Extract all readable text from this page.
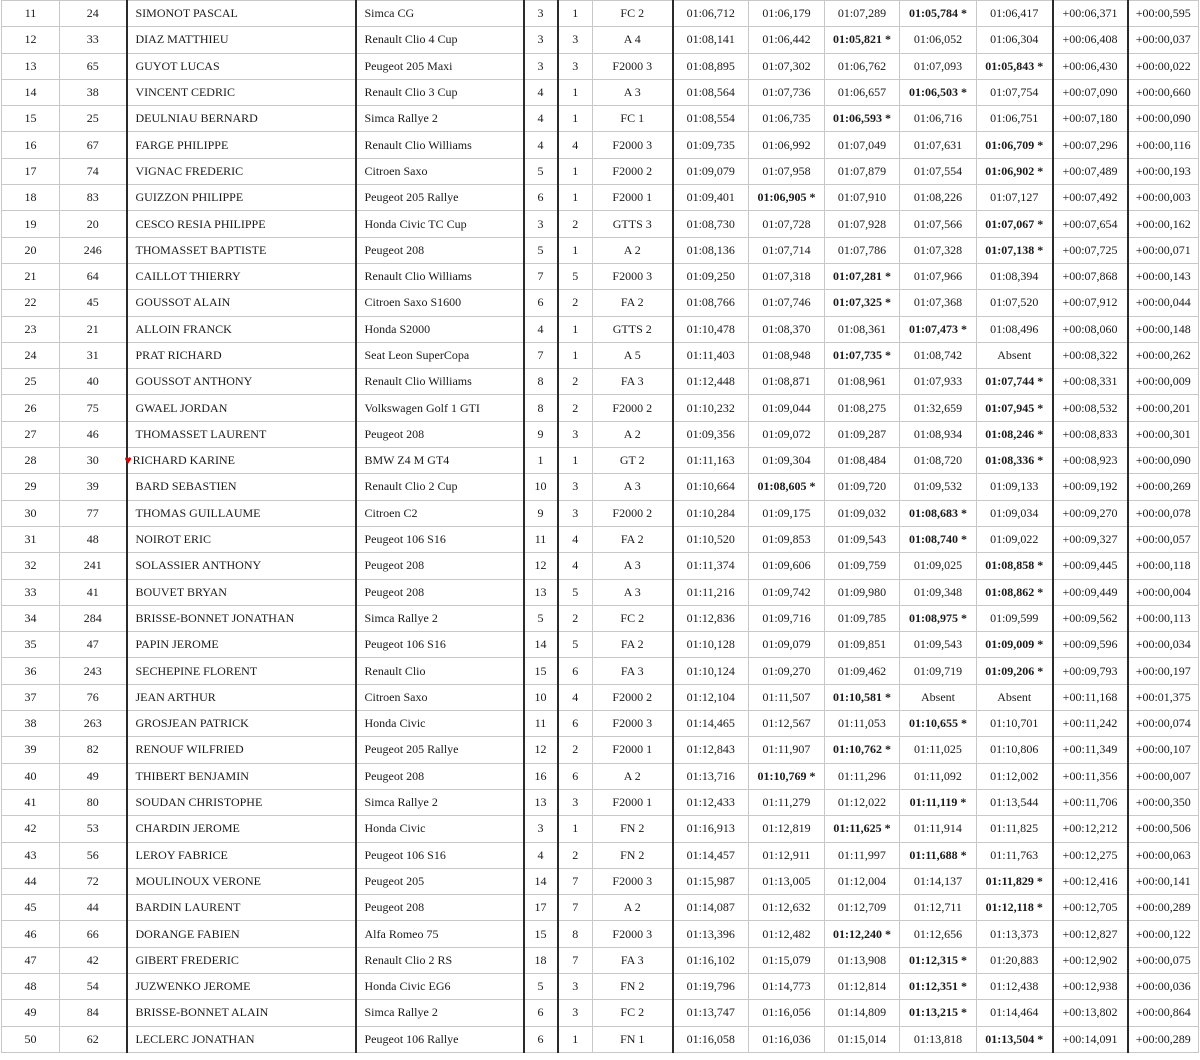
11	24	SIMONOT PASCAL	Simca CG	3	1	FC 2	01:06,712	01:06,179	01:07,289	01:05,784 *	01:06,417	+00:06,371	+00:00,595
12	33	DIAZ MATTHIEU	Renault Clio 4 Cup	3	3	A 4	01:08,141	01:06,442	01:05,821 *	01:06,052	01:06,304	+00:06,408	+00:00,037
13	65	GUYOT LUCAS	Peugeot 205 Maxi	3	3	F2000 3	01:08,895	01:07,302	01:06,762	01:07,093	01:05,843 *	+00:06,430	+00:00,022
14	38	VINCENT CEDRIC	Renault Clio 3 Cup	4	1	A 3	01:08,564	01:07,736	01:06,657	01:06,503 *	01:07,754	+00:07,090	+00:00,660
15	25	DEULNIAU BERNARD	Simca Rallye 2	4	1	FC 1	01:08,554	01:06,735	01:06,593 *	01:06,716	01:06,751	+00:07,180	+00:00,090
16	67	FARGE PHILIPPE	Renault Clio Williams	4	4	F2000 3	01:09,735	01:06,992	01:07,049	01:07,631	01:06,709 *	+00:07,296	+00:00,116
17	74	VIGNAC FREDERIC	Citroen Saxo	5	1	F2000 2	01:09,079	01:07,958	01:07,879	01:07,554	01:06,902 *	+00:07,489	+00:00,193
18	83	GUIZZON PHILIPPE	Peugeot 205 Rallye	6	1	F2000 1	01:09,401	01:06,905 *	01:07,910	01:08,226	01:07,127	+00:07,492	+00:00,003
19	20	CESCO RESIA PHILIPPE	Honda Civic TC Cup	3	2	GTTS 3	01:08,730	01:07,728	01:07,928	01:07,566	01:07,067 *	+00:07,654	+00:00,162
20	246	THOMASSET BAPTISTE	Peugeot 208	5	1	A 2	01:08,136	01:07,714	01:07,786	01:07,328	01:07,138 *	+00:07,725	+00:00,071
21	64	CAILLOT THIERRY	Renault Clio Williams	7	5	F2000 3	01:09,250	01:07,318	01:07,281 *	01:07,966	01:08,394	+00:07,868	+00:00,143
22	45	GOUSSOT ALAIN	Citroen Saxo S1600	6	2	FA 2	01:08,766	01:07,746	01:07,325 *	01:07,368	01:07,520	+00:07,912	+00:00,044
23	21	ALLOIN FRANCK	Honda S2000	4	1	GTTS 2	01:10,478	01:08,370	01:08,361	01:07,473 *	01:08,496	+00:08,060	+00:00,148
24	31	PRAT RICHARD	Seat Leon SuperCopa	7	1	A 5	01:11,403	01:08,948	01:07,735 *	01:08,742	Absent	+00:08,322	+00:00,262
25	40	GOUSSOT ANTHONY	Renault Clio Williams	8	2	FA 3	01:12,448	01:08,871	01:08,961	01:07,933	01:07,744 *	+00:08,331	+00:00,009
26	75	GWAEL JORDAN	Volkswagen Golf 1 GTI	8	2	F2000 2	01:10,232	01:09,044	01:08,275	01:32,659	01:07,945 *	+00:08,532	+00:00,201
27	46	THOMASSET LAURENT	Peugeot 208	9	3	A 2	01:09,356	01:09,072	01:09,287	01:08,934	01:08,246 *	+00:08,833	+00:00,301
28	30	♥RICHARD KARINE	BMW Z4 M GT4	1	1	GT 2	01:11,163	01:09,304	01:08,484	01:08,720	01:08,336 *	+00:08,923	+00:00,090
29	39	BARD SEBASTIEN	Renault Clio 2 Cup	10	3	A 3	01:10,664	01:08,605 *	01:09,720	01:09,532	01:09,133	+00:09,192	+00:00,269
30	77	THOMAS GUILLAUME	Citroen C2	9	3	F2000 2	01:10,284	01:09,175	01:09,032	01:08,683 *	01:09,034	+00:09,270	+00:00,078
31	48	NOIROT ERIC	Peugeot 106 S16	11	4	FA 2	01:10,520	01:09,853	01:09,543	01:08,740 *	01:09,022	+00:09,327	+00:00,057
32	241	SOLASSIER ANTHONY	Peugeot 208	12	4	A 3	01:11,374	01:09,606	01:09,759	01:09,025	01:08,858 *	+00:09,445	+00:00,118
33	41	BOUVET BRYAN	Peugeot 208	13	5	A 3	01:11,216	01:09,742	01:09,980	01:09,348	01:08,862 *	+00:09,449	+00:00,004
34	284	BRISSE-BONNET JONATHAN	Simca Rallye 2	5	2	FC 2	01:12,836	01:09,716	01:09,785	01:08,975 *	01:09,599	+00:09,562	+00:00,113
35	47	PAPIN JEROME	Peugeot 106 S16	14	5	FA 2	01:10,128	01:09,079	01:09,851	01:09,543	01:09,009 *	+00:09,596	+00:00,034
36	243	SECHEPINE FLORENT	Renault Clio	15	6	FA 3	01:10,124	01:09,270	01:09,462	01:09,719	01:09,206 *	+00:09,793	+00:00,197
37	76	JEAN ARTHUR	Citroen Saxo	10	4	F2000 2	01:12,104	01:11,507	01:10,581 *	Absent	Absent	+00:11,168	+00:01,375
38	263	GROSJEAN PATRICK	Honda Civic	11	6	F2000 3	01:14,465	01:12,567	01:11,053	01:10,655 *	01:10,701	+00:11,242	+00:00,074
39	82	RENOUF WILFRIED	Peugeot 205 Rallye	12	2	F2000 1	01:12,843	01:11,907	01:10,762 *	01:11,025	01:10,806	+00:11,349	+00:00,107
40	49	THIBERT BENJAMIN	Peugeot 208	16	6	A 2	01:13,716	01:10,769 *	01:11,296	01:11,092	01:12,002	+00:11,356	+00:00,007
41	80	SOUDAN CHRISTOPHE	Simca Rallye 2	13	3	F2000 1	01:12,433	01:11,279	01:12,022	01:11,119 *	01:13,544	+00:11,706	+00:00,350
42	53	CHARDIN JEROME	Honda Civic	3	1	FN 2	01:16,913	01:12,819	01:11,625 *	01:11,914	01:11,825	+00:12,212	+00:00,506
43	56	LEROY FABRICE	Peugeot 106 S16	4	2	FN 2	01:14,457	01:12,911	01:11,997	01:11,688 *	01:11,763	+00:12,275	+00:00,063
44	72	MOULINOUX VERONE	Peugeot 205	14	7	F2000 3	01:15,987	01:13,005	01:12,004	01:14,137	01:11,829 *	+00:12,416	+00:00,141
45	44	BARDIN LAURENT	Peugeot 208	17	7	A 2	01:14,087	01:12,632	01:12,709	01:12,711	01:12,118 *	+00:12,705	+00:00,289
46	66	DORANGE FABIEN	Alfa Romeo 75	15	8	F2000 3	01:13,396	01:12,482	01:12,240 *	01:12,656	01:13,373	+00:12,827	+00:00,122
47	42	GIBERT FREDERIC	Renault Clio 2 RS	18	7	FA 3	01:16,102	01:15,079	01:13,908	01:12,315 *	01:20,883	+00:12,902	+00:00,075
48	54	JUZWENKO JEROME	Honda Civic EG6	5	3	FN 2	01:19,796	01:14,773	01:12,814	01:12,351 *	01:12,438	+00:12,938	+00:00,036
49	84	BRISSE-BONNET ALAIN	Simca Rallye 2	6	3	FC 2	01:13,747	01:16,056	01:14,809	01:13,215 *	01:14,464	+00:13,802	+00:00,864
50	62	LECLERC JONATHAN	Peugeot 106 Rallye	6	1	FN 1	01:16,058	01:16,036	01:15,014	01:13,818	01:13,504 *	+00:14,091	+00:00,289
